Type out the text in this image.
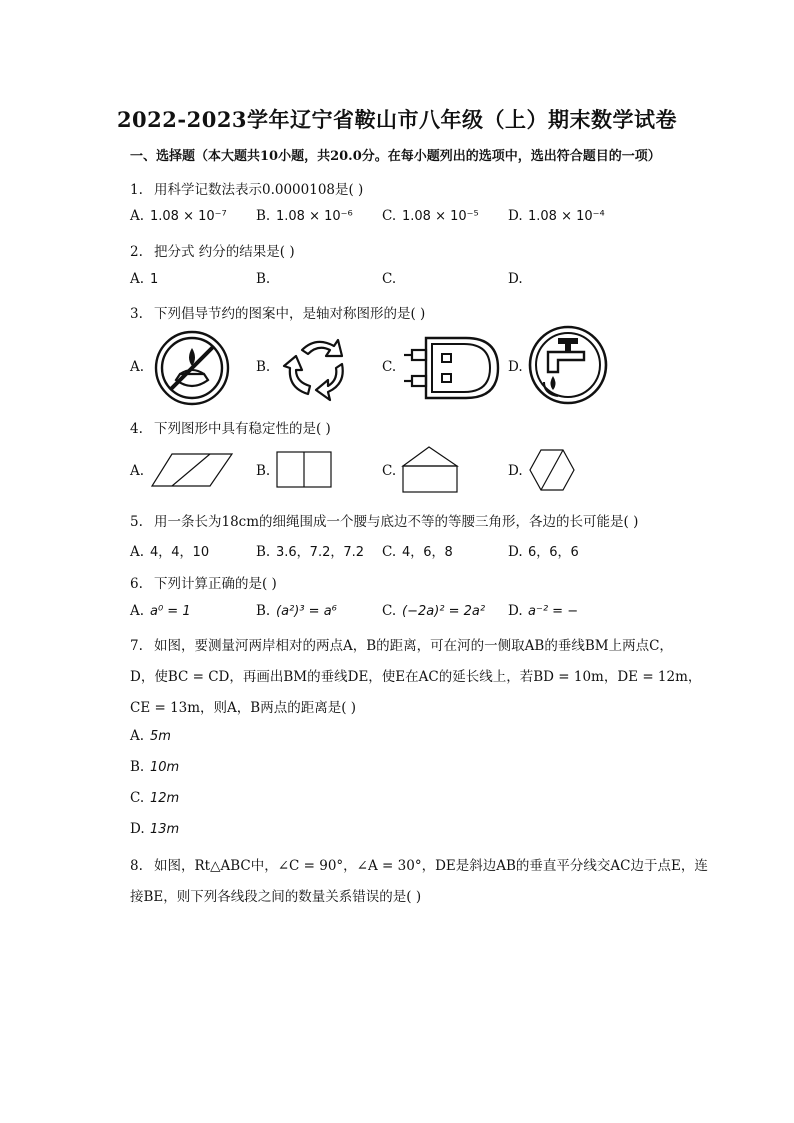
2022-2023学年辽宁省鞍山市八年级（上）期末数学试卷
一、选择题（本大题共10小题，共20.0分。在每小题列出的选项中，选出符合题目的一项）
1. 用科学记数法表示0.0000108是( )
A. 1.08 × 10⁻⁷ B. 1.08 × 10⁻⁶ C. 1.08 × 10⁻⁵ D. 1.08 × 10⁻⁴
2. 把分式 约分的结果是( )
A. 1	B.	C.	D.
3. 下列倡导节约的图案中，是轴对称图形的是( )
A.	B.	C.	D.
4. 下列图形中具有稳定性的是( )
A.	B.	C.	D.
5. 用一条长为18cm的细绳围成一个腰与底边不等的等腰三角形，各边的长可能是( )
A. 4，4，10	B. 3.6，7.2，7.2 C. 4，6，8	D. 6，6，6
6. 下列计算正确的是( )
A. a⁰ = 1	B. (a²)³ = a⁶	C. (−2a)² = 2a² D. a⁻² = −
7. 如图，要测量河两岸相对的两点A，B的距离，可在河的一侧取AB的垂线BM上两点C，
D，使BC = CD，再画出BM的垂线DE，使E在AC的延长线上，若BD = 10m，DE = 12m，
CE = 13m，则A，B两点的距离是( )
A. 5m
B. 10m
C. 12m
D. 13m
8. 如图，Rt△ABC中，∠C = 90°，∠A = 30°，DE是斜边AB的垂直平分线交AC边于点E，连
接BE，则下列各线段之间的数量关系错误的是( )
